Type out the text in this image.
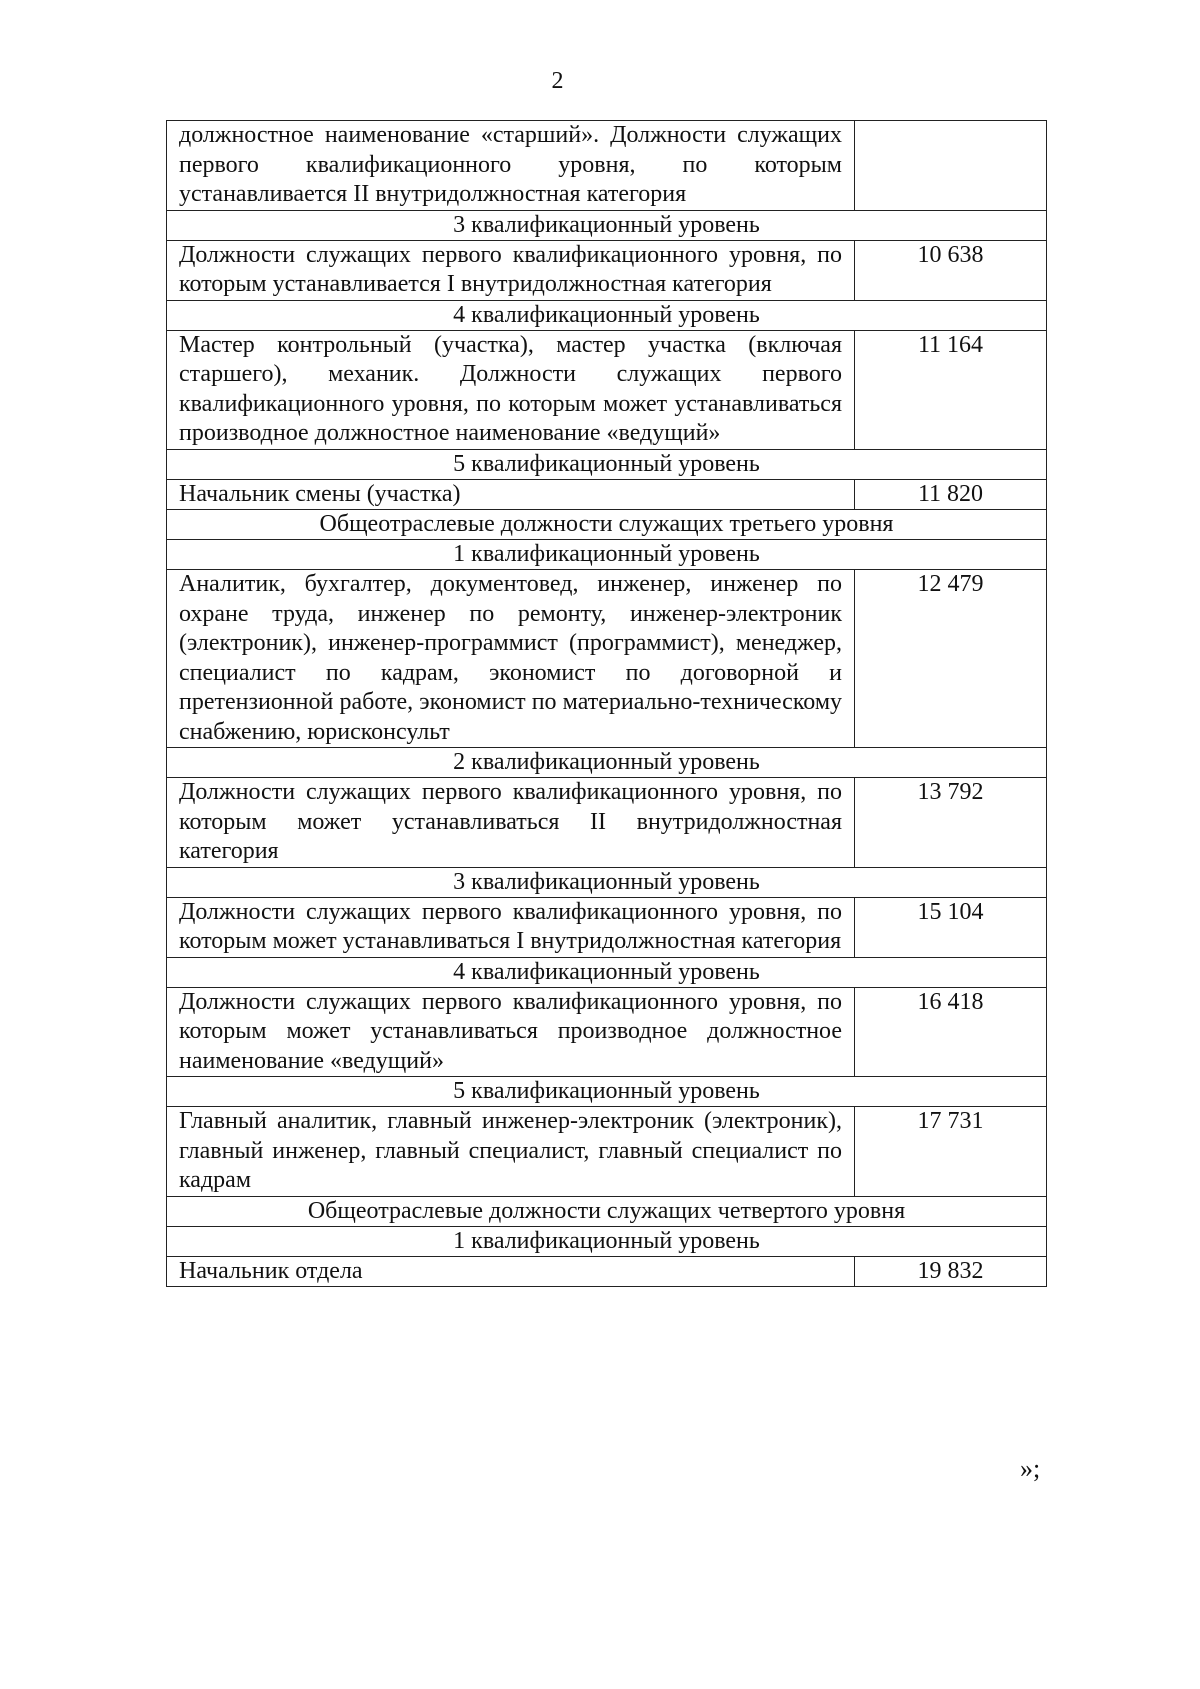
2
должностное наименование «старший». Должности служащих первого квалификационного уровня, по которым устанавливается II внутридолжностная категория	
3 квалификационный уровень	
Должности служащих первого квалификационного уровня, по которым устанавливается I внутридолжностная категория	10 638
4 квалификационный уровень	
Мастер контрольный (участка), мастер участка (включая старшего), механик. Должности служащих первого квалификационного уровня, по которым может устанавливаться производное должностное наименование «ведущий»	11 164
5 квалификационный уровень	
Начальник смены (участка)	11 820
Общеотраслевые должности служащих третьего уровня	
1 квалификационный уровень	
Аналитик, бухгалтер, документовед, инженер, инженер по охране труда, инженер по ремонту, инженер-электроник (электроник), инженер-программист (программист), менеджер, специалист по кадрам, экономист по договорной и претензионной работе, экономист по материально-техническому снабжению, юрисконсульт	12 479
2 квалификационный уровень	
Должности служащих первого квалификационного уровня, по которым может устанавливаться II внутридолжностная категория	13 792
3 квалификационный уровень	
Должности служащих первого квалификационного уровня, по которым может устанавливаться I внутридолжностная категория	15 104
4 квалификационный уровень	
Должности служащих первого квалификационного уровня, по которым может устанавливаться производное должностное наименование «ведущий»	16 418
5 квалификационный уровень	
Главный аналитик, главный инженер-электроник (электроник), главный инженер, главный специалист, главный специалист по кадрам	17 731
Общеотраслевые должности служащих четвертого уровня	
1 квалификационный уровень	
Начальник отдела	19 832
»;
